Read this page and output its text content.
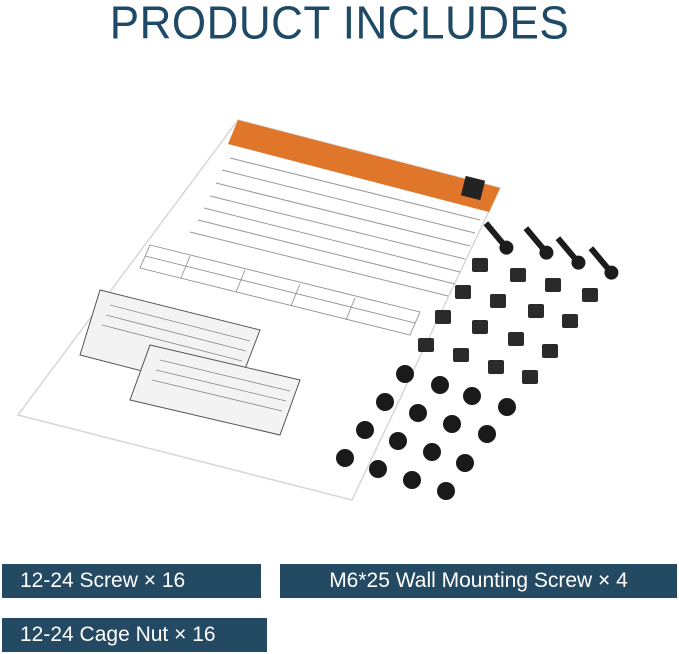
PRODUCT INCLUDES
12-24 Screw × 16	M6*25 Wall Mounting Screw × 4
12-24 Cage Nut × 16
